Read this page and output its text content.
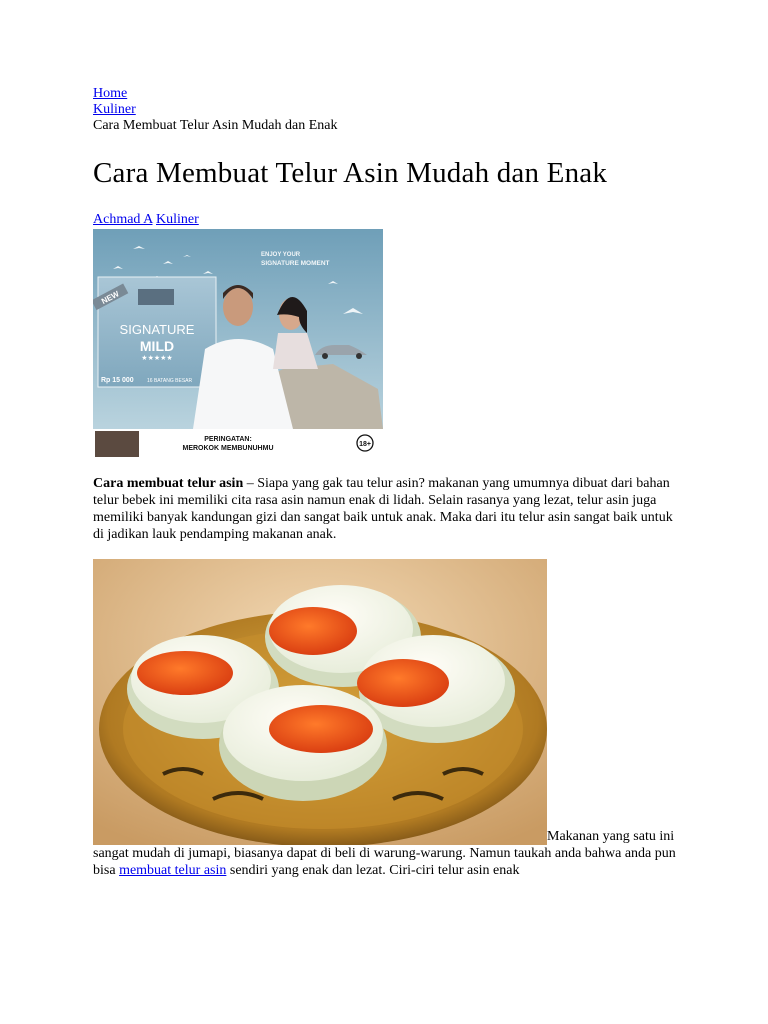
Home
Kuliner
Cara Membuat Telur Asin Mudah dan Enak
Cara Membuat Telur Asin Mudah dan Enak
Achmad A Kuliner
ENJOY YOUR
SIGNATURE MOMENT
SIGNATURE
MILD
★★★★★
Rp 15 000	16 BATANG BESAR
NEW
PERINGATAN:
MEROKOK MEMBUNUHMU
18+

Cara membuat telur asin – Siapa yang gak tau telur asin? makanan yang umumnya dibuat dari bahan telur bebek ini memiliki cita rasa asin namun enak di lidah. Selain rasanya yang lezat, telur asin juga memiliki banyak kandungan gizi dan sangat baik untuk anak. Maka dari itu telur asin sangat baik untuk di jadikan lauk pendamping makanan anak.

Makanan yang satu ini sangat mudah di jumapi, biasanya dapat di beli di warung-warung. Namun taukah anda bahwa anda pun bisa membuat telur asin sendiri yang enak dan lezat. Ciri-ciri telur asin enak
